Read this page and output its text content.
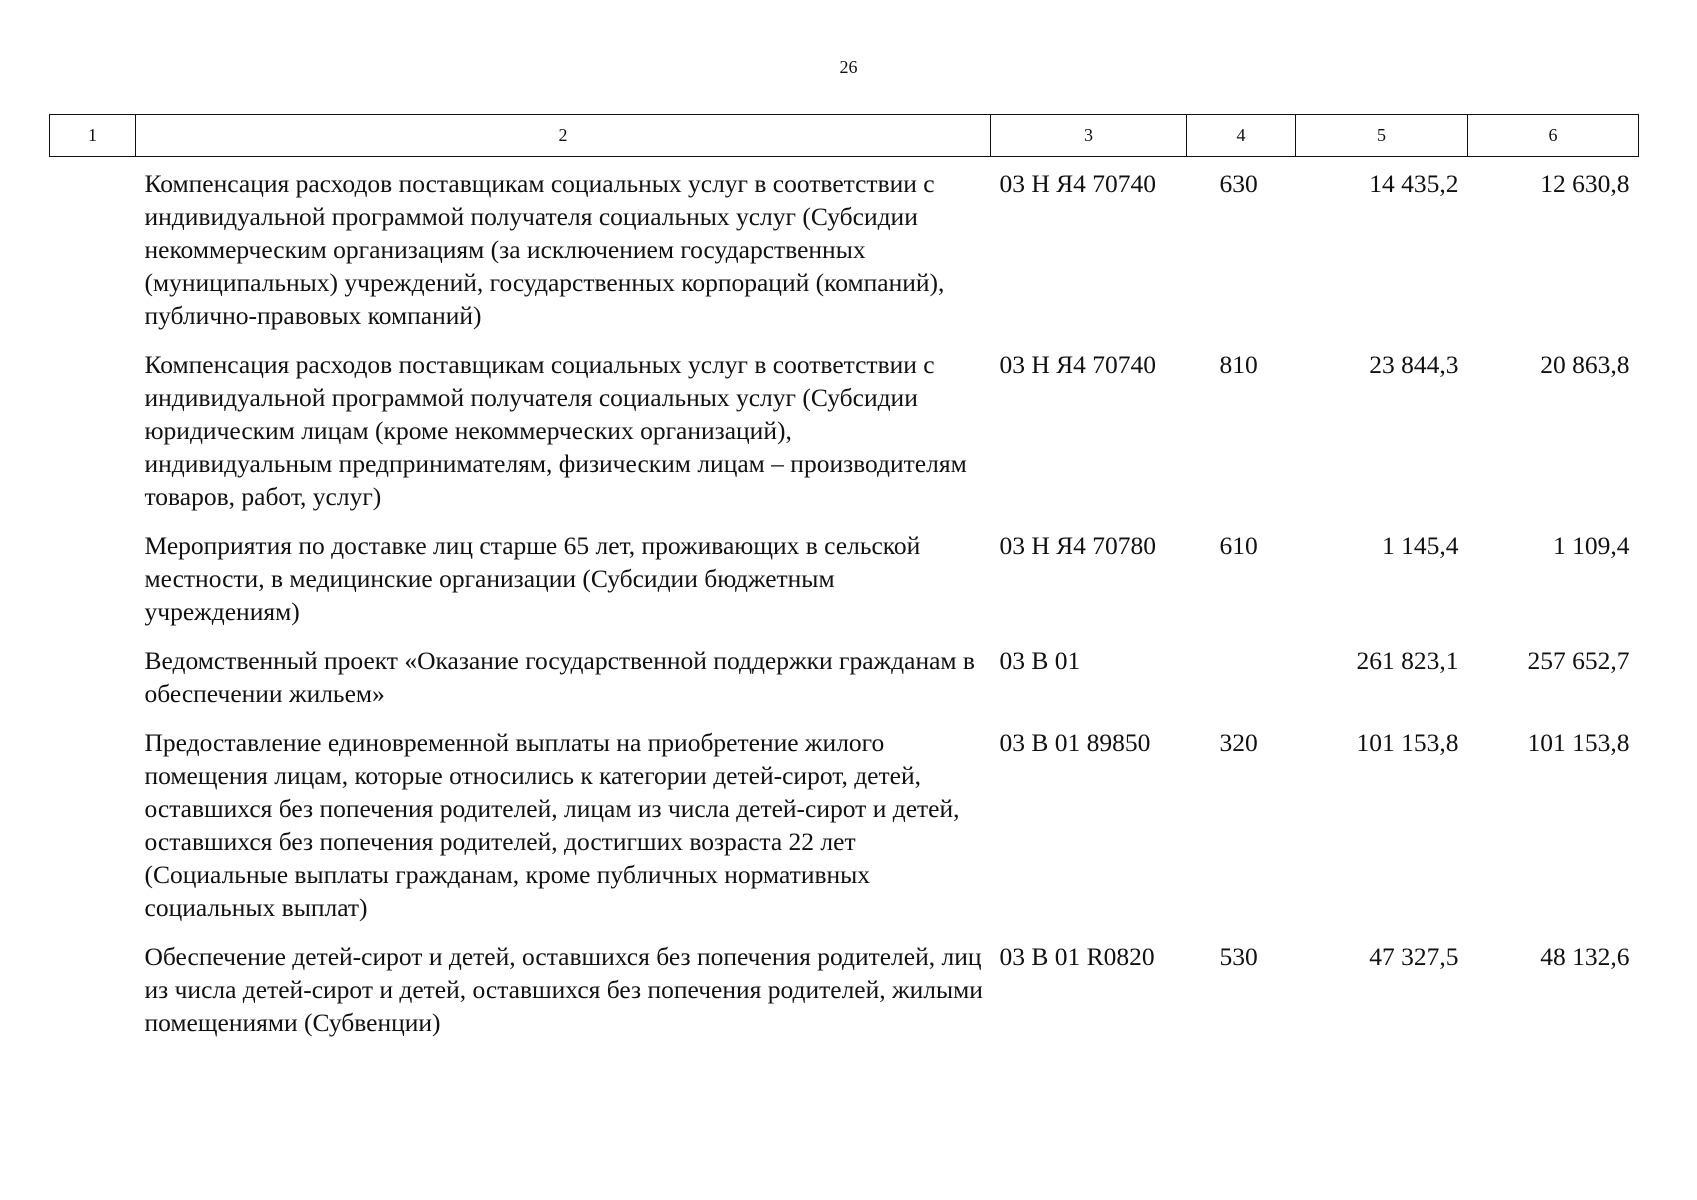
26
1	2	3	4	5	6
	Компенсация расходов поставщикам социальных услуг в соответствии с индивидуальной программой получателя социальных услуг (Субсидии некоммерческим организациям (за исключением государственных (муниципальных) учреждений, государственных корпораций (компаний), публично-правовых компаний)	03 Н Я4 70740	630	14 435,2	12 630,8
	Компенсация расходов поставщикам социальных услуг в соответствии с индивидуальной программой получателя социальных услуг (Субсидии юридическим лицам (кроме некоммерческих организаций), индивидуальным предпринимателям, физическим лицам – производителям товаров, работ, услуг)	03 Н Я4 70740	810	23 844,3	20 863,8
	Мероприятия по доставке лиц старше 65 лет, проживающих в сельской местности, в медицинские организации (Субсидии бюджетным учреждениям)	03 Н Я4 70780	610	1 145,4	1 109,4
	Ведомственный проект «Оказание государственной поддержки гражданам в обеспечении жильем»	03 В 01		261 823,1	257 652,7
	Предоставление единовременной выплаты на приобретение жилого помещения лицам, которые относились к категории детей-сирот, детей, оставшихся без попечения родителей, лицам из числа детей-сирот и детей, оставшихся без попечения родителей, достигших возраста 22 лет (Социальные выплаты гражданам, кроме публичных нормативных социальных выплат)	03 В 01 89850	320	101 153,8	101 153,8
	Обеспечение детей-сирот и детей, оставшихся без попечения родителей, лиц из числа детей-сирот и детей, оставшихся без попечения родителей, жилыми помещениями (Субвенции)	03 В 01 R0820	530	47 327,5	48 132,6
